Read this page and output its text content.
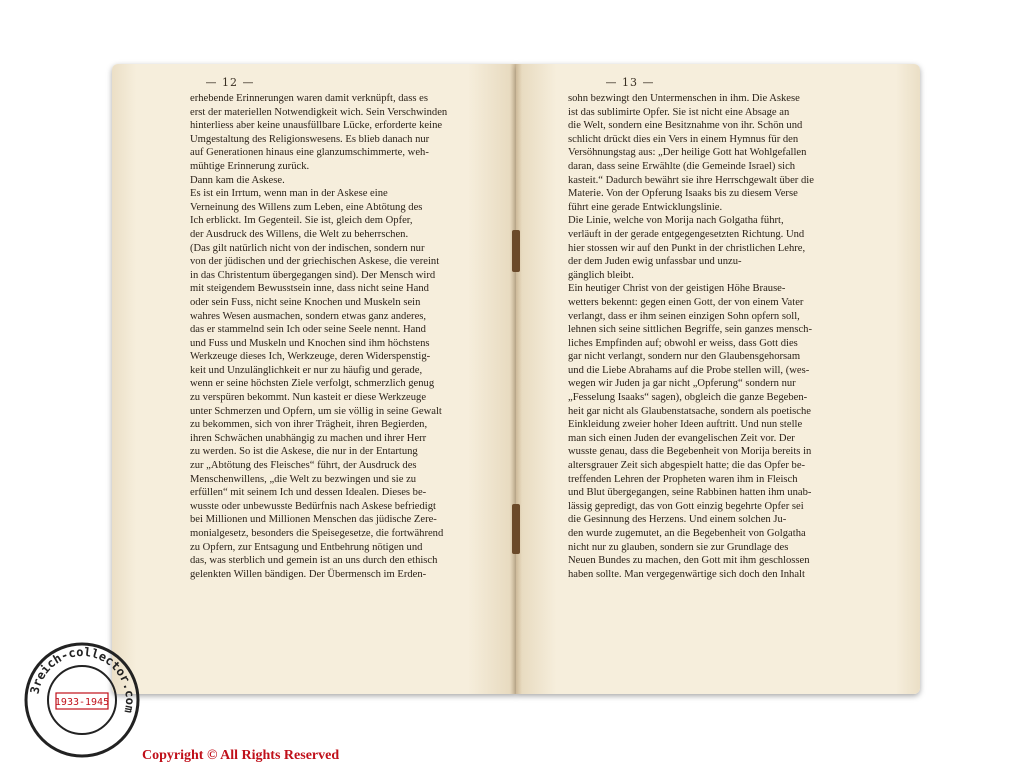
— 12 —	— 13 —
erhebende Erinnerungen waren damit verknüpft, dass es
erst der materiellen Notwendigkeit wich. Sein Verschwinden
hinterliess aber keine unausfüllbare Lücke, erforderte keine
Umgestaltung des Religionswesens. Es blieb danach nur
auf Generationen hinaus eine glanzumschimmerte, weh-
mühtige Erinnerung zurück.
Dann kam die Askese.
Es ist ein Irrtum, wenn man in der Askese eine
Verneinung des Willens zum Leben, eine Abtötung des
Ich erblickt. Im Gegenteil. Sie ist, gleich dem Opfer,
der Ausdruck des Willens, die Welt zu beherrschen.
(Das gilt natürlich nicht von der indischen, sondern nur
von der jüdischen und der griechischen Askese, die vereint
in das Christentum übergegangen sind). Der Mensch wird
mit steigendem Bewusstsein inne, dass nicht seine Hand
oder sein Fuss, nicht seine Knochen und Muskeln sein
wahres Wesen ausmachen, sondern etwas ganz anderes,
das er stammelnd sein Ich oder seine Seele nennt. Hand
und Fuss und Muskeln und Knochen sind ihm höchstens
Werkzeuge dieses Ich, Werkzeuge, deren Widerspenstig-
keit und Unzulänglichkeit er nur zu häufig und gerade,
wenn er seine höchsten Ziele verfolgt, schmerzlich genug
zu verspüren bekommt. Nun kasteit er diese Werkzeuge
unter Schmerzen und Opfern, um sie völlig in seine Gewalt
zu bekommen, sich von ihrer Trägheit, ihren Begierden,
ihren Schwächen unabhängig zu machen und ihrer Herr
zu werden. So ist die Askese, die nur in der Entartung
zur „Abtötung des Fleisches“ führt, der Ausdruck des
Menschenwillens, „die Welt zu bezwingen und sie zu
erfüllen“ mit seinem Ich und dessen Idealen. Dieses be-
wusste oder unbewusste Bedürfnis nach Askese befriedigt
bei Millionen und Millionen Menschen das jüdische Zere-
monialgesetz, besonders die Speisegesetze, die fortwährend
zu Opfern, zur Entsagung und Entbehrung nötigen und
das, was sterblich und gemein ist an uns durch den ethisch
gelenkten Willen bändigen. Der Übermensch im Erden-
sohn bezwingt den Untermenschen in ihm. Die Askese
ist das sublimirte Opfer. Sie ist nicht eine Absage an
die Welt, sondern eine Besitznahme von ihr. Schön und
schlicht drückt dies ein Vers in einem Hymnus für den
Versöhnungstag aus: „Der heilige Gott hat Wohlgefallen
daran, dass seine Erwählte (die Gemeinde Israel) sich
kasteit.“ Dadurch bewährt sie ihre Herrschgewalt über die
Materie. Von der Opferung Isaaks bis zu diesem Verse
führt eine gerade Entwicklungslinie.
Die Linie, welche von Morija nach Golgatha führt,
verläuft in der gerade entgegengesetzten Richtung. Und
hier stossen wir auf den Punkt in der christlichen Lehre,
der dem Juden ewig unfassbar und unzu-
gänglich bleibt.
Ein heutiger Christ von der geistigen Höhe Brause-
wetters bekennt: gegen einen Gott, der von einem Vater
verlangt, dass er ihm seinen einzigen Sohn opfern soll,
lehnen sich seine sittlichen Begriffe, sein ganzes mensch-
liches Empfinden auf; obwohl er weiss, dass Gott dies
gar nicht verlangt, sondern nur den Glaubensgehorsam
und die Liebe Abrahams auf die Probe stellen will, (wes-
wegen wir Juden ja gar nicht „Opferung“ sondern nur
„Fesselung Isaaks“ sagen), obgleich die ganze Begeben-
heit gar nicht als Glaubenstatsache, sondern als poetische
Einkleidung zweier hoher Ideen auftritt. Und nun stelle
man sich einen Juden der evangelischen Zeit vor. Der
wusste genau, dass die Begebenheit von Morija bereits in
altersgrauer Zeit sich abgespielt hatte; die das Opfer be-
treffenden Lehren der Propheten waren ihm in Fleisch
und Blut übergegangen, seine Rabbinen hatten ihm unab-
lässig gepredigt, das von Gott einzig begehrte Opfer sei
die Gesinnung des Herzens. Und einem solchen Ju-
den wurde zugemutet, an die Begebenheit von Golgatha
nicht nur zu glauben, sondern sie zur Grundlage des
Neuen Bundes zu machen, den Gott mit ihm geschlossen
haben sollte. Man vergegenwärtige sich doch den Inhalt
3reich-collector.com
1933-1945
Copyright © All Rights Reserved
